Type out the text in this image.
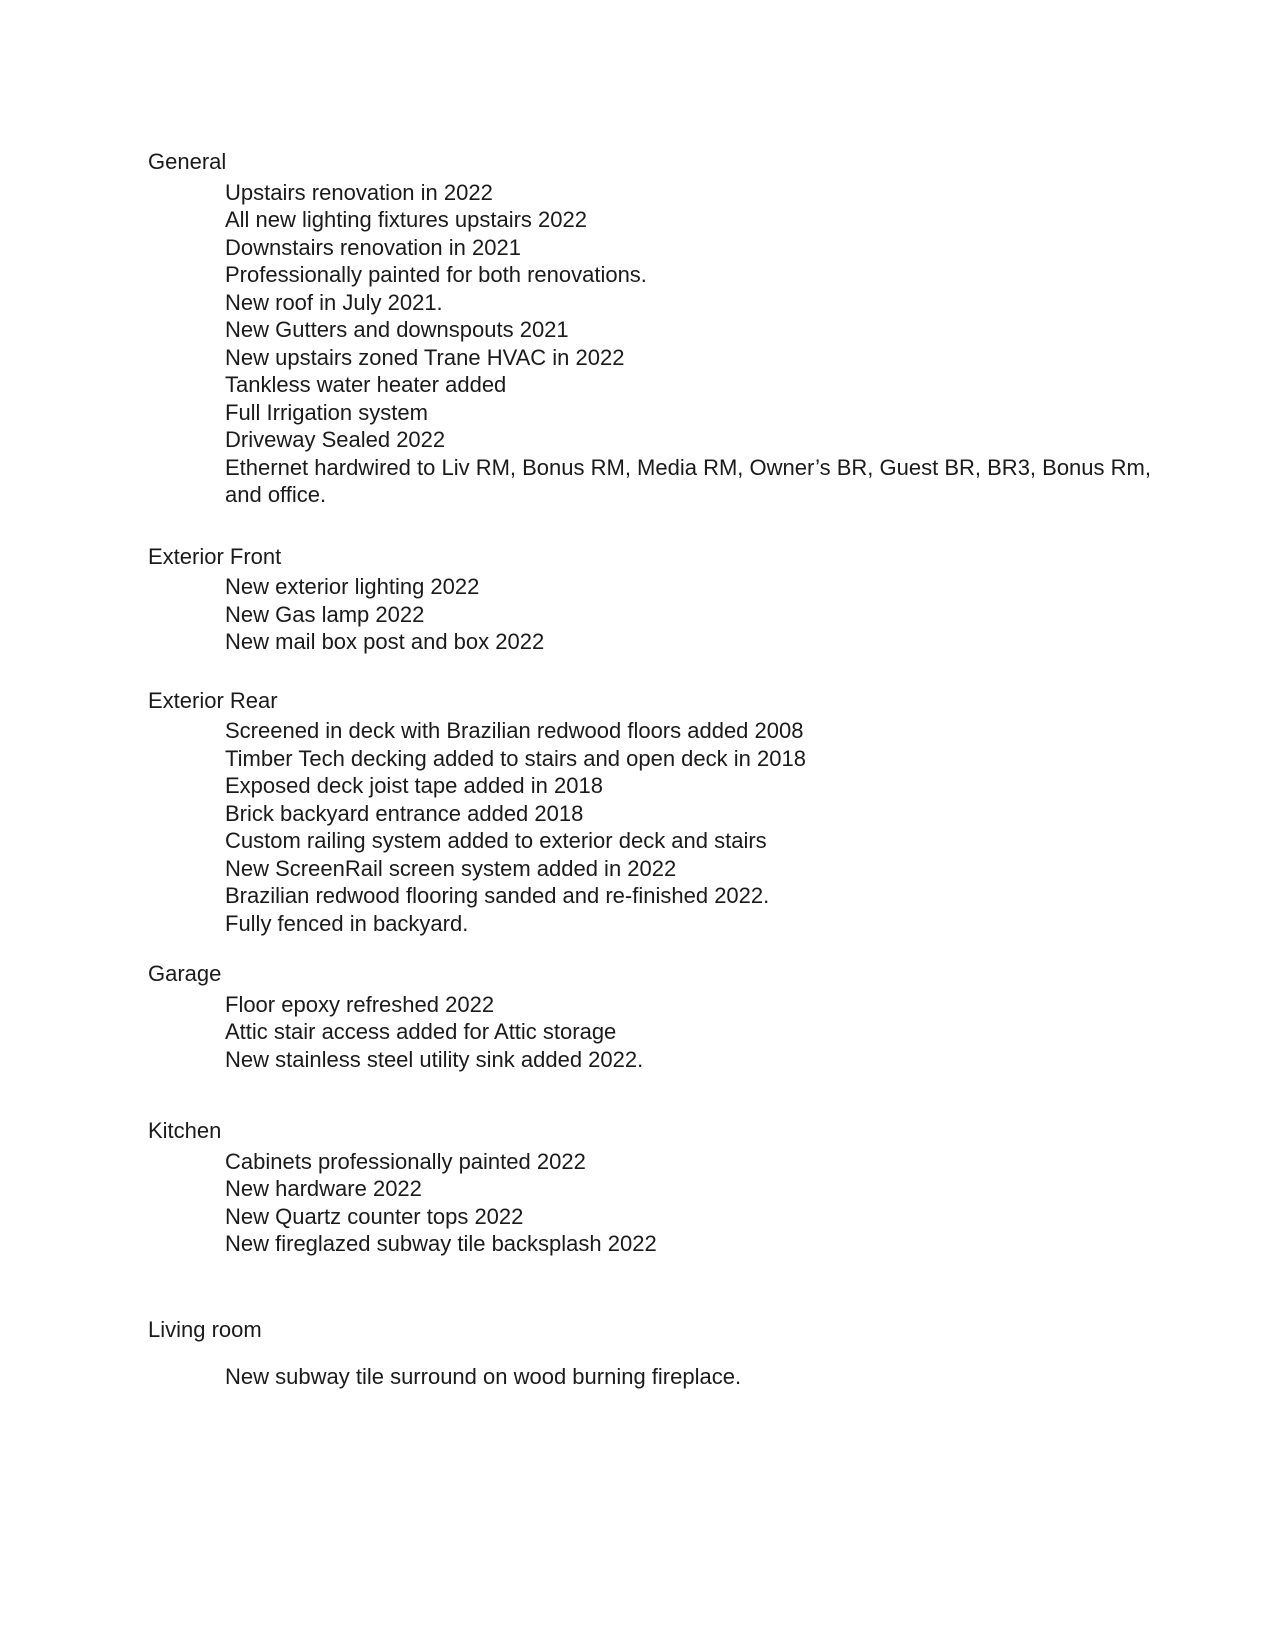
General
Upstairs renovation in 2022
All new lighting fixtures upstairs 2022
Downstairs renovation in 2021
Professionally painted for both renovations.
New roof in July 2021.
New Gutters and downspouts 2021
New upstairs zoned Trane HVAC in 2022
Tankless water heater added
Full Irrigation system
Driveway Sealed 2022
Ethernet hardwired to Liv RM, Bonus RM, Media RM, Owner’s BR, Guest BR, BR3, Bonus Rm,
and office.
Exterior Front
New exterior lighting 2022
New Gas lamp 2022
New mail box post and box 2022
Exterior Rear
Screened in deck with Brazilian redwood floors added 2008
Timber Tech decking added to stairs and open deck in 2018
Exposed deck joist tape added in 2018
Brick backyard entrance added 2018
Custom railing system added to exterior deck and stairs
New ScreenRail screen system added in 2022
Brazilian redwood flooring sanded and re-finished 2022.
Fully fenced in backyard.
Garage
Floor epoxy refreshed 2022
Attic stair access added for Attic storage
New stainless steel utility sink added 2022.
Kitchen
Cabinets professionally painted 2022
New hardware 2022
New Quartz counter tops 2022
New fireglazed subway tile backsplash 2022
Living room
New subway tile surround on wood burning fireplace.
